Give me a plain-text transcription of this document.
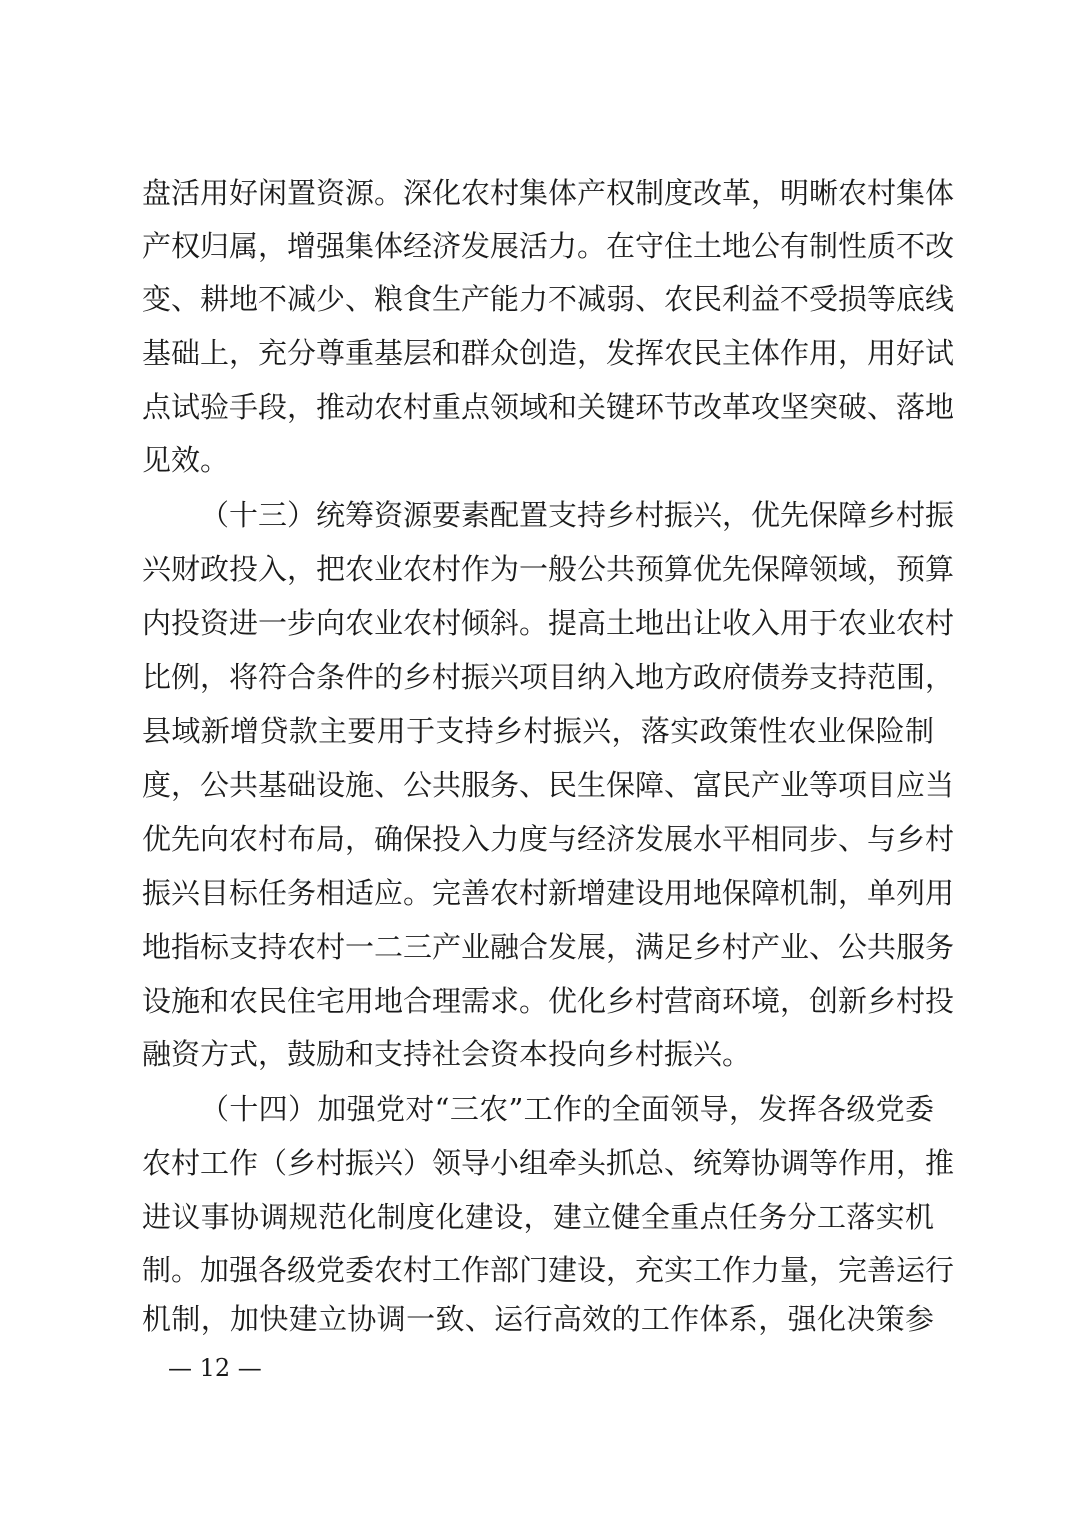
盘活用好闲置资源。深化农村集体产权制度改革，明晰农村集体
产权归属，增强集体经济发展活力。在守住土地公有制性质不改
变、耕地不减少、粮食生产能力不减弱、农民利益不受损等底线
基础上，充分尊重基层和群众创造，发挥农民主体作用，用好试
点试验手段，推动农村重点领域和关键环节改革攻坚突破、落地
见效。
（十三）统筹资源要素配置支持乡村振兴，优先保障乡村振
兴财政投入，把农业农村作为一般公共预算优先保障领域，预算
内投资进一步向农业农村倾斜。提高土地出让收入用于农业农村
比例，将符合条件的乡村振兴项目纳入地方政府债券支持范围，
县域新增贷款主要用于支持乡村振兴，落实政策性农业保险制
度，公共基础设施、公共服务、民生保障、富民产业等项目应当
优先向农村布局，确保投入力度与经济发展水平相同步、与乡村
振兴目标任务相适应。完善农村新增建设用地保障机制，单列用
地指标支持农村一二三产业融合发展，满足乡村产业、公共服务
设施和农民住宅用地合理需求。优化乡村营商环境，创新乡村投
融资方式，鼓励和支持社会资本投向乡村振兴。
（十四）加强党对“三农”工作的全面领导，发挥各级党委
农村工作（乡村振兴）领导小组牵头抓总、统筹协调等作用，推
进议事协调规范化制度化建设，建立健全重点任务分工落实机
制。加强各级党委农村工作部门建设，充实工作力量，完善运行
机制，加快建立协调一致、运行高效的工作体系，强化决策参
— 12 —
